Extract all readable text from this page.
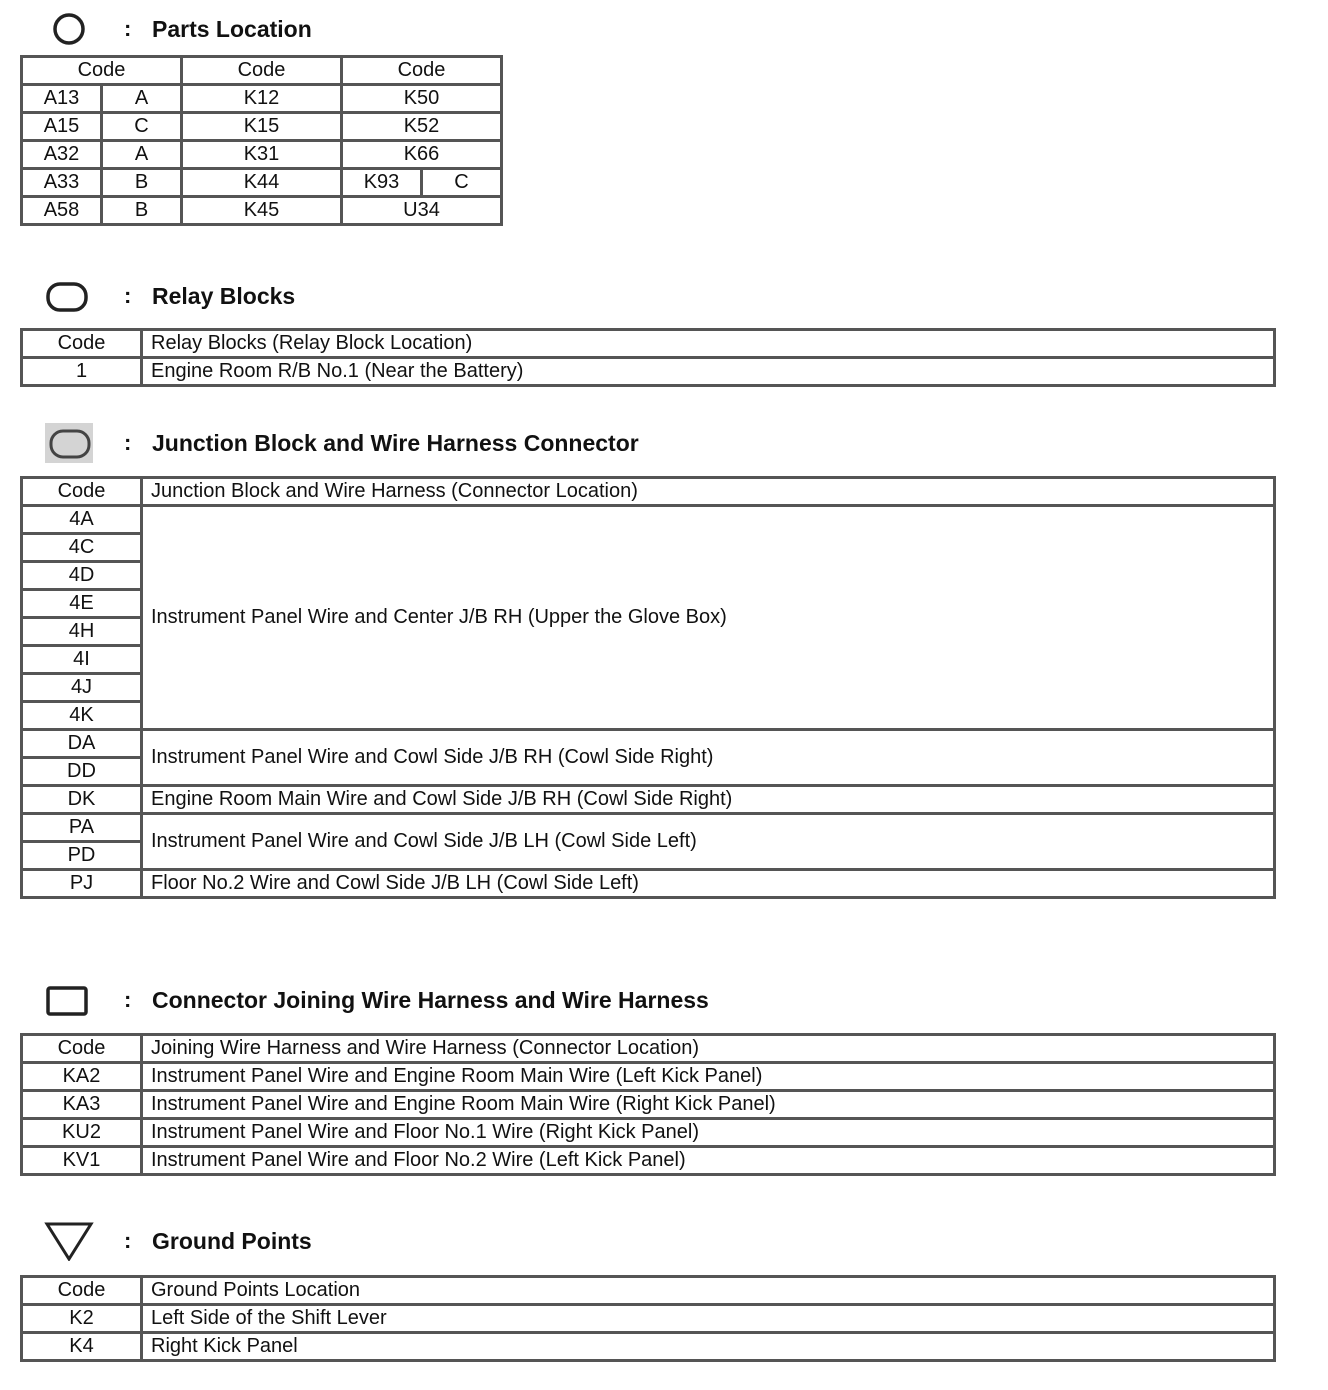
: Parts Location
Code		Code	Code	
A13	A	K12	K50	
A15	C	K15	K52	
A32	A	K31	K66	
A33	B	K44	K93	C
A58	B	K45	U34	
: Relay Blocks
Code	Relay Blocks (Relay Block Location)
1	Engine Room R/B No.1 (Near the Battery)
: Junction Block and Wire Harness Connector
Code	Junction Block and Wire Harness (Connector Location)
4A	Instrument Panel Wire and Center J/B RH (Upper the Glove Box)
4C	
4D	
4E	
4H	
4I	
4J	
4K	
DA	Instrument Panel Wire and Cowl Side J/B RH (Cowl Side Right)
DD	
DK	Engine Room Main Wire and Cowl Side J/B RH (Cowl Side Right)
PA	Instrument Panel Wire and Cowl Side J/B LH (Cowl Side Left)
PD	
PJ	Floor No.2 Wire and Cowl Side J/B LH (Cowl Side Left)
: Connector Joining Wire Harness and Wire Harness
Code	Joining Wire Harness and Wire Harness (Connector Location)
KA2	Instrument Panel Wire and Engine Room Main Wire (Left Kick Panel)
KA3	Instrument Panel Wire and Engine Room Main Wire (Right Kick Panel)
KU2	Instrument Panel Wire and Floor No.1 Wire (Right Kick Panel)
KV1	Instrument Panel Wire and Floor No.2 Wire (Left Kick Panel)
: Ground Points
Code	Ground Points Location
K2	Left Side of the Shift Lever
K4	Right Kick Panel
